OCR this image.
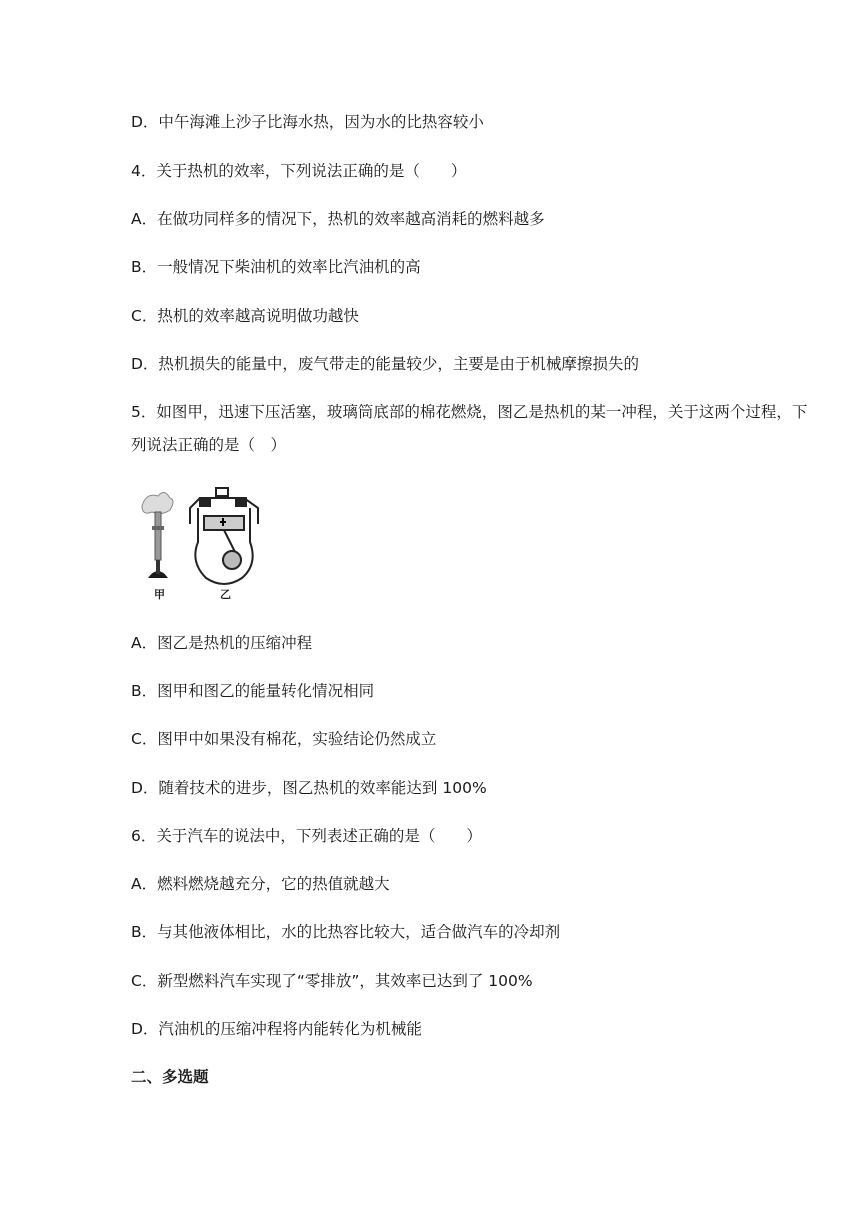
D．中午海滩上沙子比海水热，因为水的比热容较小
4．关于热机的效率，下列说法正确的是（　　）
A．在做功同样多的情况下，热机的效率越高消耗的燃料越多
B．一般情况下柴油机的效率比汽油机的高
C．热机的效率越高说明做功越快
D．热机损失的能量中，废气带走的能量较少，主要是由于机械摩擦损失的
5．如图甲，迅速下压活塞，玻璃筒底部的棉花燃烧，图乙是热机的某一冲程，关于这两个过程，下列说法正确的是（　）
甲	乙
A．图乙是热机的压缩冲程
B．图甲和图乙的能量转化情况相同
C．图甲中如果没有棉花，实验结论仍然成立
D．随着技术的进步，图乙热机的效率能达到 100%
6．关于汽车的说法中，下列表述正确的是（　　）
A．燃料燃烧越充分，它的热值就越大
B．与其他液体相比，水的比热容比较大，适合做汽车的冷却剂
C．新型燃料汽车实现了“零排放”，其效率已达到了 100%
D．汽油机的压缩冲程将内能转化为机械能
二、多选题
